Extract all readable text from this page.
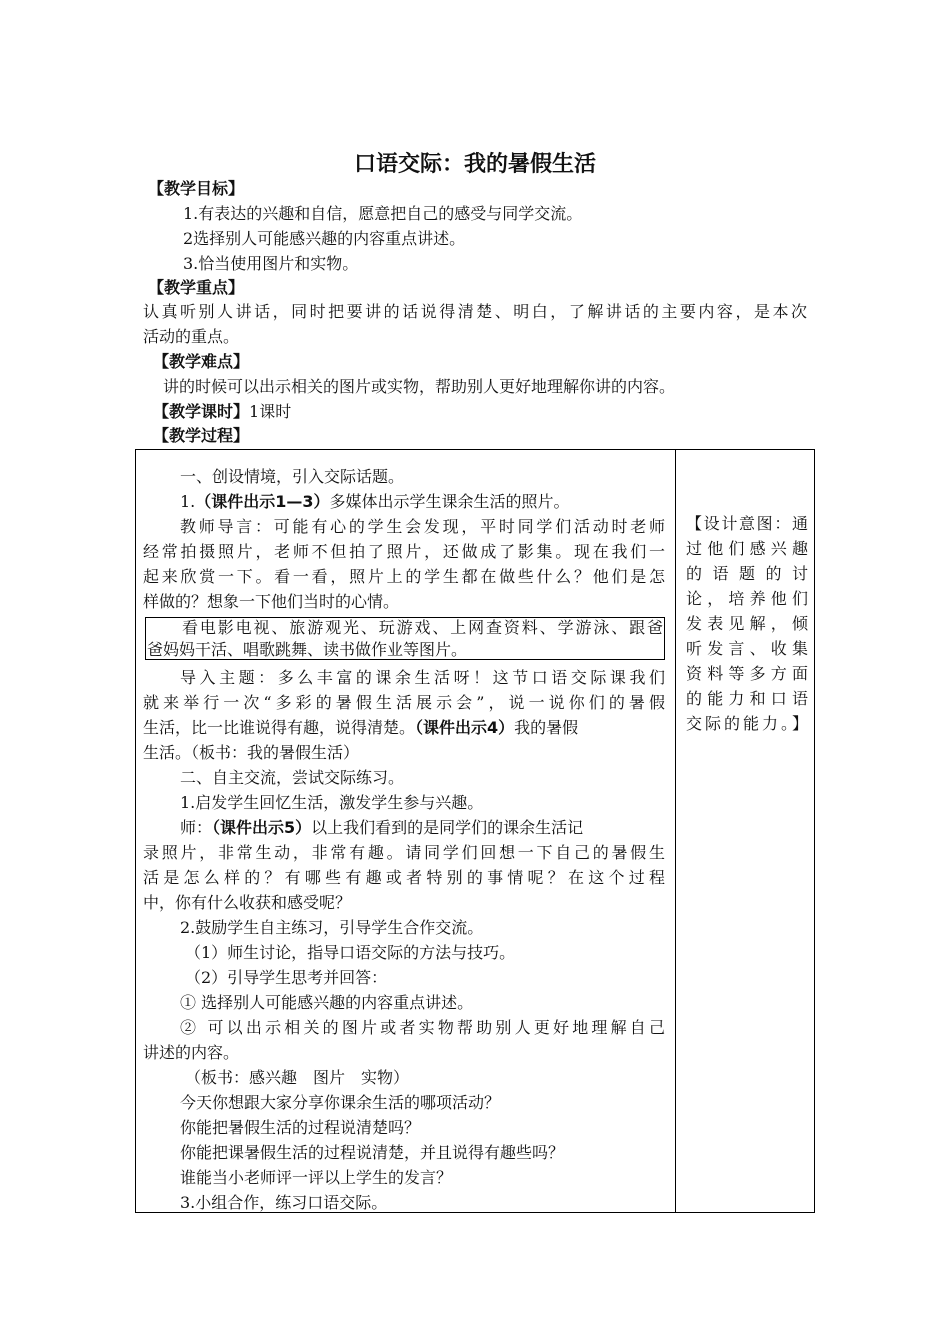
口语交际：我的暑假生活
【教学目标】
1.有表达的兴趣和自信，愿意把自己的感受与同学交流。
2选择别人可能感兴趣的内容重点讲述。
3.恰当使用图片和实物。
【教学重点】
认真听别人讲话，同时把要讲的话说得清楚、明白，了解讲话的主要内容，是本次
活动的重点。
【教学难点】
讲的时候可以出示相关的图片或实物，帮助别人更好地理解你讲的内容。
【教学课时】1课时
【教学过程】
一、创设情境，引入交际话题。
1.（课件出示1—3）多媒体出示学生课余生活的照片。
教师导言：可能有心的学生会发现，平时同学们活动时老师
经常拍摄照片，老师不但拍了照片，还做成了影集。现在我们一
起来欣赏一下。看一看，照片上的学生都在做些什么？他们是怎
样做的？想象一下他们当时的心情。
看电影电视、旅游观光、玩游戏、上网查资料、学游泳、跟爸
爸妈妈干活、唱歌跳舞、读书做作业等图片。
导入主题：多么丰富的课余生活呀！这节口语交际课我们
就来举行一次“多彩的暑假生活展示会”，说一说你们的暑假
生活，比一比谁说得有趣，说得清楚。（课件出示4）我的暑假
生活。（板书：我的暑假生活）
二、自主交流，尝试交际练习。
1.启发学生回忆生活，激发学生参与兴趣。
师：（课件出示5）以上我们看到的是同学们的课余生活记
录照片，非常生动，非常有趣。请同学们回想一下自己的暑假生
活是怎么样的？有哪些有趣或者特别的事情呢？在这个过程
中，你有什么收获和感受呢？
2.鼓励学生自主练习，引导学生合作交流。
（1）师生讨论，指导口语交际的方法与技巧。
（2）引导学生思考并回答：
① 选择别人可能感兴趣的内容重点讲述。
② 可以出示相关的图片或者实物帮助别人更好地理解自己
讲述的内容。
（板书：感兴趣　图片　实物）
今天你想跟大家分享你课余生活的哪项活动？
你能把暑假生活的过程说清楚吗？
你能把课暑假生活的过程说清楚，并且说得有趣些吗？
谁能当小老师评一评以上学生的发言？
3.小组合作，练习口语交际。
【设计意图：通
过他们感兴趣
的语题的讨
论，培养他们
发表见解，倾
听发言、收集
资料等多方面
的能力和口语
交际的能力。】
